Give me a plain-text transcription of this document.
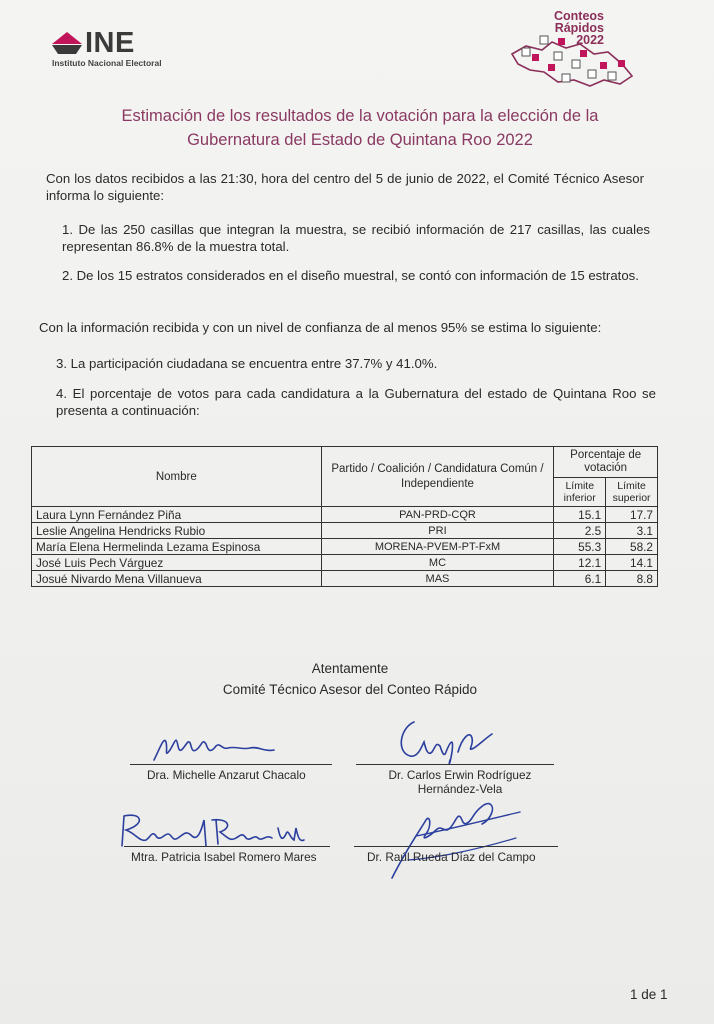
INE
Instituto Nacional Electoral
Conteos
Rápidos
2022
Estimación de los resultados de la votación para la elección de la
Gubernatura del Estado de Quintana Roo 2022
Con los datos recibidos a las 21:30, hora del centro del 5 de junio de 2022, el Comité Técnico Asesor informa lo siguiente:
1. De las 250 casillas que integran la muestra, se recibió información de 217 casillas, las cuales representan 86.8% de la muestra total.
2. De los 15 estratos considerados en el diseño muestral, se contó con información de 15 estratos.
Con la información recibida y con un nivel de confianza de al menos 95% se estima lo siguiente:
3. La participación ciudadana se encuentra entre 37.7% y 41.0%.
4. El porcentaje de votos para cada candidatura a la Gubernatura del estado de Quintana Roo se presenta a continuación:
Nombre	Partido / Coalición / Candidatura Común / Independiente	Porcentaje de votación	
		Límite inferior	Límite superior
Laura Lynn Fernández Piña	PAN-PRD-CQR	15.1	17.7
Leslie Angelina Hendricks Rubio	PRI	2.5	3.1
María Elena Hermelinda Lezama Espinosa	MORENA-PVEM-PT-FxM	55.3	58.2
José Luis Pech Várguez	MC	12.1	14.1
Josué Nivardo Mena Villanueva	MAS	6.1	8.8
Atentamente
Comité Técnico Asesor del Conteo Rápido
Dra. Michelle Anzarut Chacalo	Dr. Carlos Erwin Rodríguez
Hernández-Vela
Mtra. Patricia Isabel Romero Mares	Dr. Raúl Rueda Díaz del Campo
1 de 1
